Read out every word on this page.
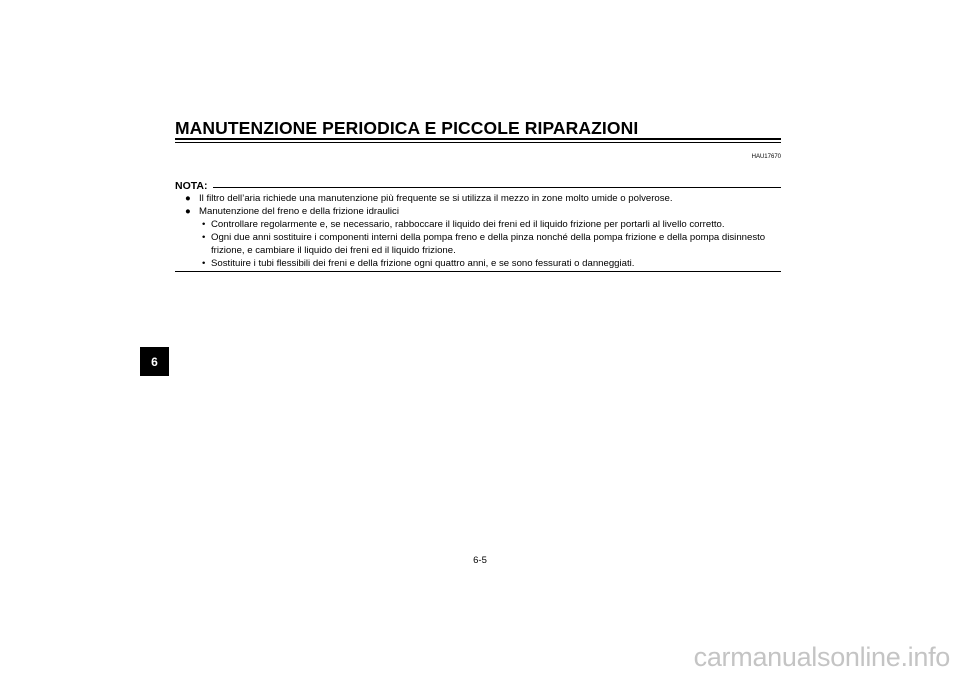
MANUTENZIONE PERIODICA E PICCOLE RIPARAZIONI
HAU17670
NOTA:
● Il filtro dell’aria richiede una manutenzione più frequente se si utilizza il mezzo in zone molto umide o polverose.
● Manutenzione del freno e della frizione idraulici
• Controllare regolarmente e, se necessario, rabboccare il liquido dei freni ed il liquido frizione per portarli al livello corretto.
• Ogni due anni sostituire i componenti interni della pompa freno e della pinza nonché della pompa frizione e della pompa disinnesto frizione, e cambiare il liquido dei freni ed il liquido frizione.
• Sostituire i tubi flessibili dei freni e della frizione ogni quattro anni, e se sono fessurati o danneggiati.
6
6-5
carmanualsonline.info
